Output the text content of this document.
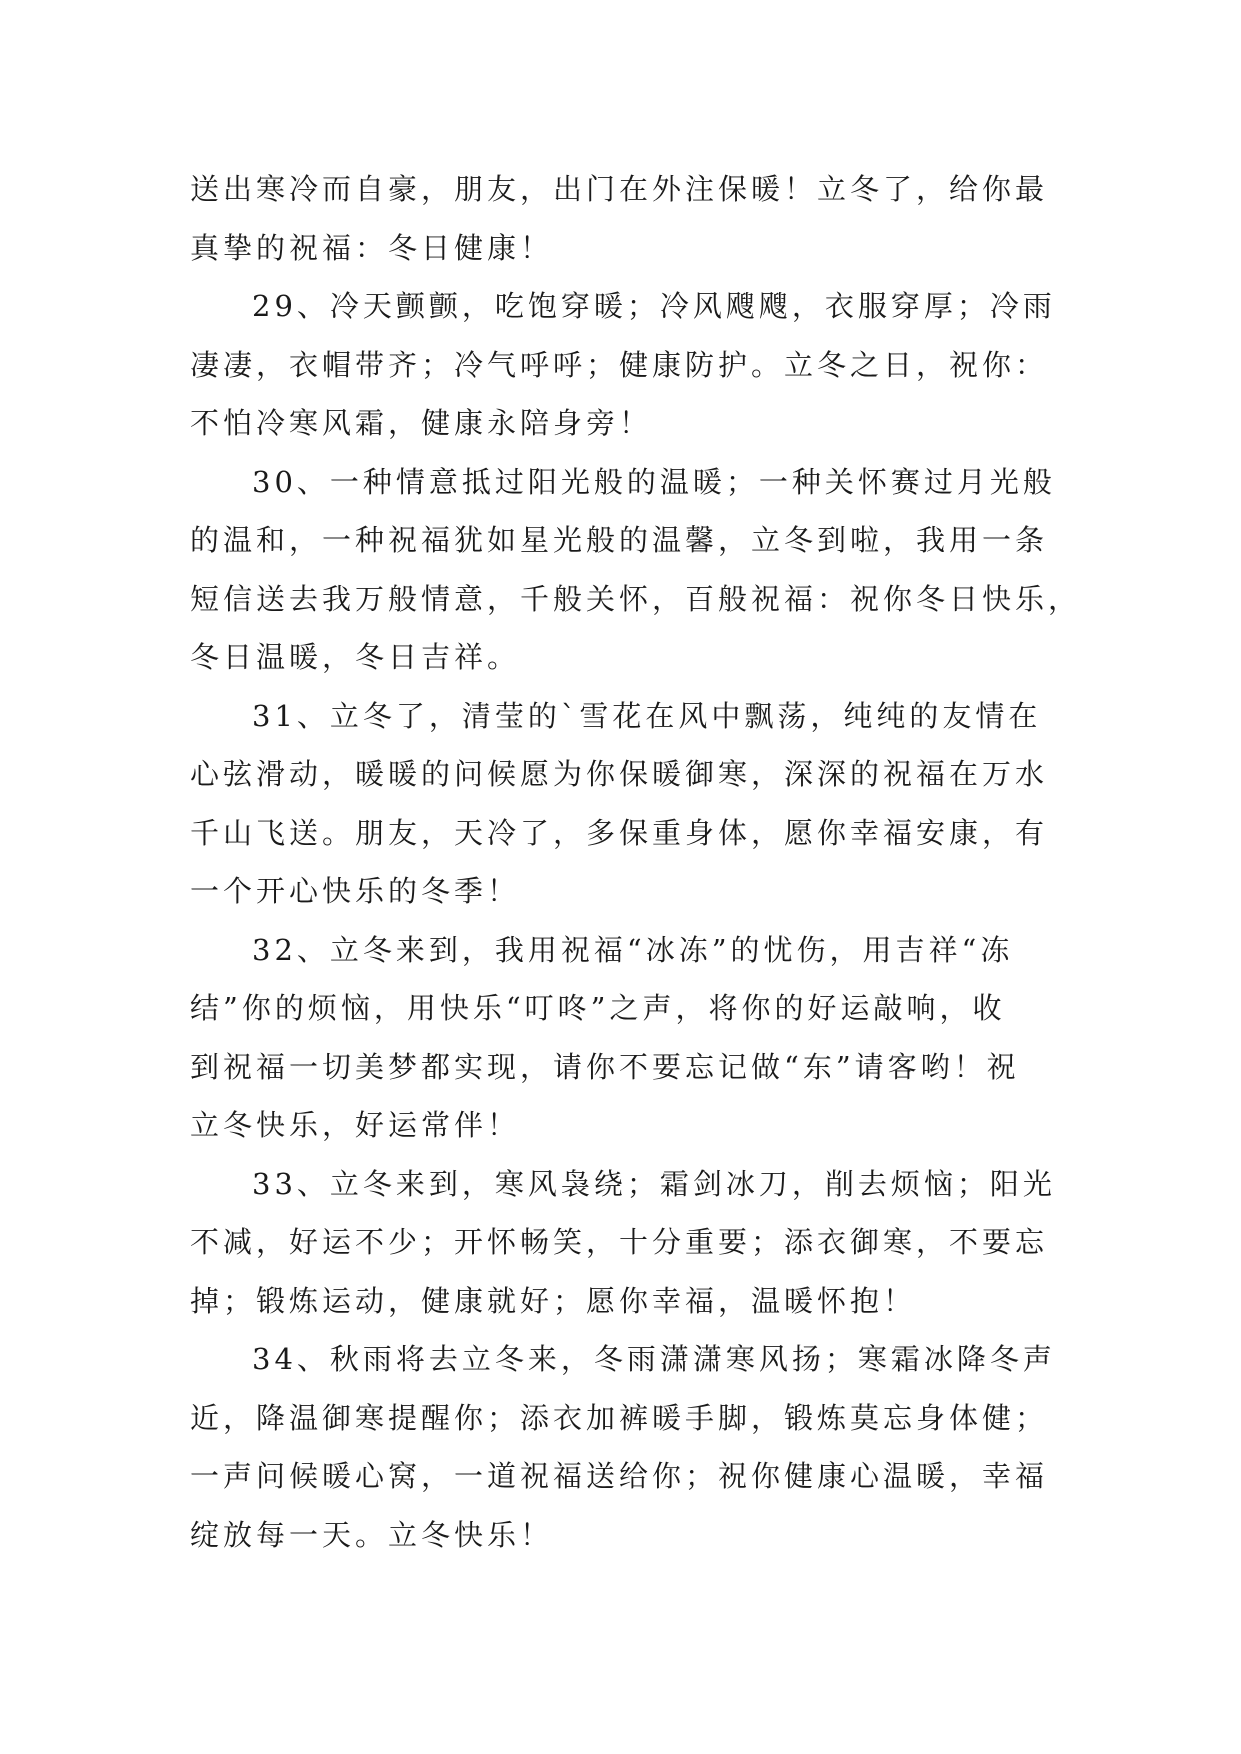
送出寒冷而自豪，朋友，出门在外注保暖！立冬了，给你最
真挚的祝福：冬日健康！
29、冷天颤颤，吃饱穿暖；冷风飕飕，衣服穿厚；冷雨
凄凄，衣帽带齐；冷气呼呼；健康防护。立冬之日，祝你：
不怕冷寒风霜，健康永陪身旁！
30、一种情意抵过阳光般的温暖；一种关怀赛过月光般
的温和，一种祝福犹如星光般的温馨，立冬到啦，我用一条
短信送去我万般情意，千般关怀，百般祝福：祝你冬日快乐，
冬日温暖，冬日吉祥。
31、立冬了，清莹的`雪花在风中飘荡，纯纯的友情在
心弦滑动，暖暖的问候愿为你保暖御寒，深深的祝福在万水
千山飞送。朋友，天冷了，多保重身体，愿你幸福安康，有
一个开心快乐的冬季！
32、立冬来到，我用祝福“冰冻”的忧伤，用吉祥“冻
结”你的烦恼，用快乐“叮咚”之声，将你的好运敲响，收
到祝福一切美梦都实现，请你不要忘记做“东”请客哟！祝
立冬快乐，好运常伴！
33、立冬来到，寒风袅绕；霜剑冰刀，削去烦恼；阳光
不减，好运不少；开怀畅笑，十分重要；添衣御寒，不要忘
掉；锻炼运动，健康就好；愿你幸福，温暖怀抱！
34、秋雨将去立冬来，冬雨潇潇寒风扬；寒霜冰降冬声
近，降温御寒提醒你；添衣加裤暖手脚，锻炼莫忘身体健；
一声问候暖心窝，一道祝福送给你；祝你健康心温暖，幸福
绽放每一天。立冬快乐！
